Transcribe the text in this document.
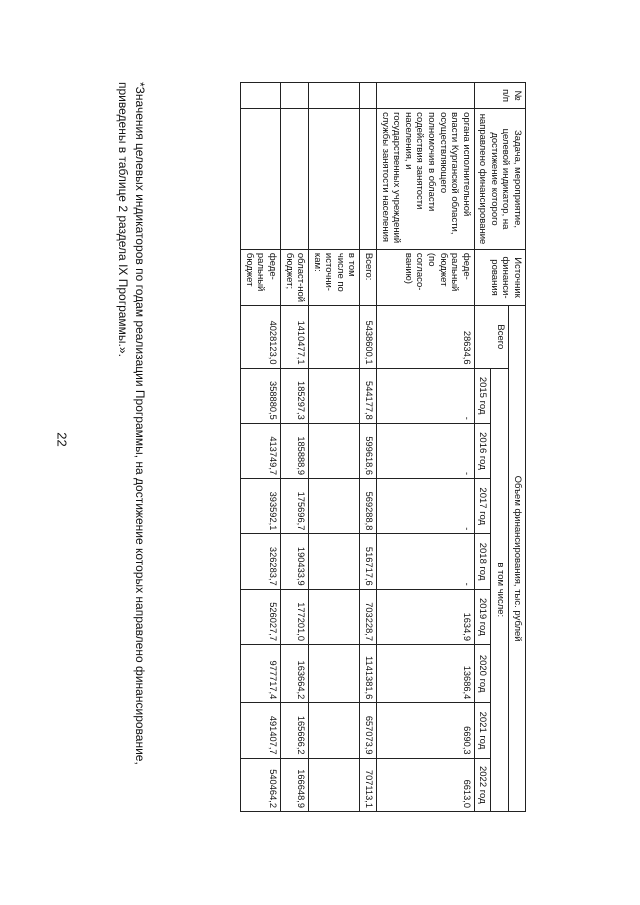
22
№ п/п	Задача, мероприятие, целевой индикатор, на достижение которого направлено финансирование	Источник финанси-рования	Объем финансирования, тыс. рублей								
			Всего	в том числе:							
				2015 год	2016 год	2017 год	2018 год	2019 год	2020 год	2021 год	2022 год
	органа исполнительной власти Курганской области, осуществляющего полномочия в области содействия занятости населения, и государственных учреждений службы занятости населения	феде-ральный бюджет (по согласо-ванию)	28634,6	-	-	-	-	1634,9	13686,4	6690,3	6613,0
		Всего:	5438600,1	544177,8	599618,6	569288,8	516717,6	703228,7	1141381,6	657073,9	707113,1
		в том числе по источни-кам:									
		област-ной бюджет;	1410477,1	185297,3	185888,9	175696,7	190433,9	177201,0	163664,2	165666,2	166648,9
		феде-ральный бюджет	4028123,0	358880,5	413749,7	393592,1	326283,7	526027,7	977717,4	491407,7	540464,2
*Значения целевых индикаторов по годам реализации Программы, на достижение которых направлено финансирование, приведены в таблице 2 раздела IX Программы.».
